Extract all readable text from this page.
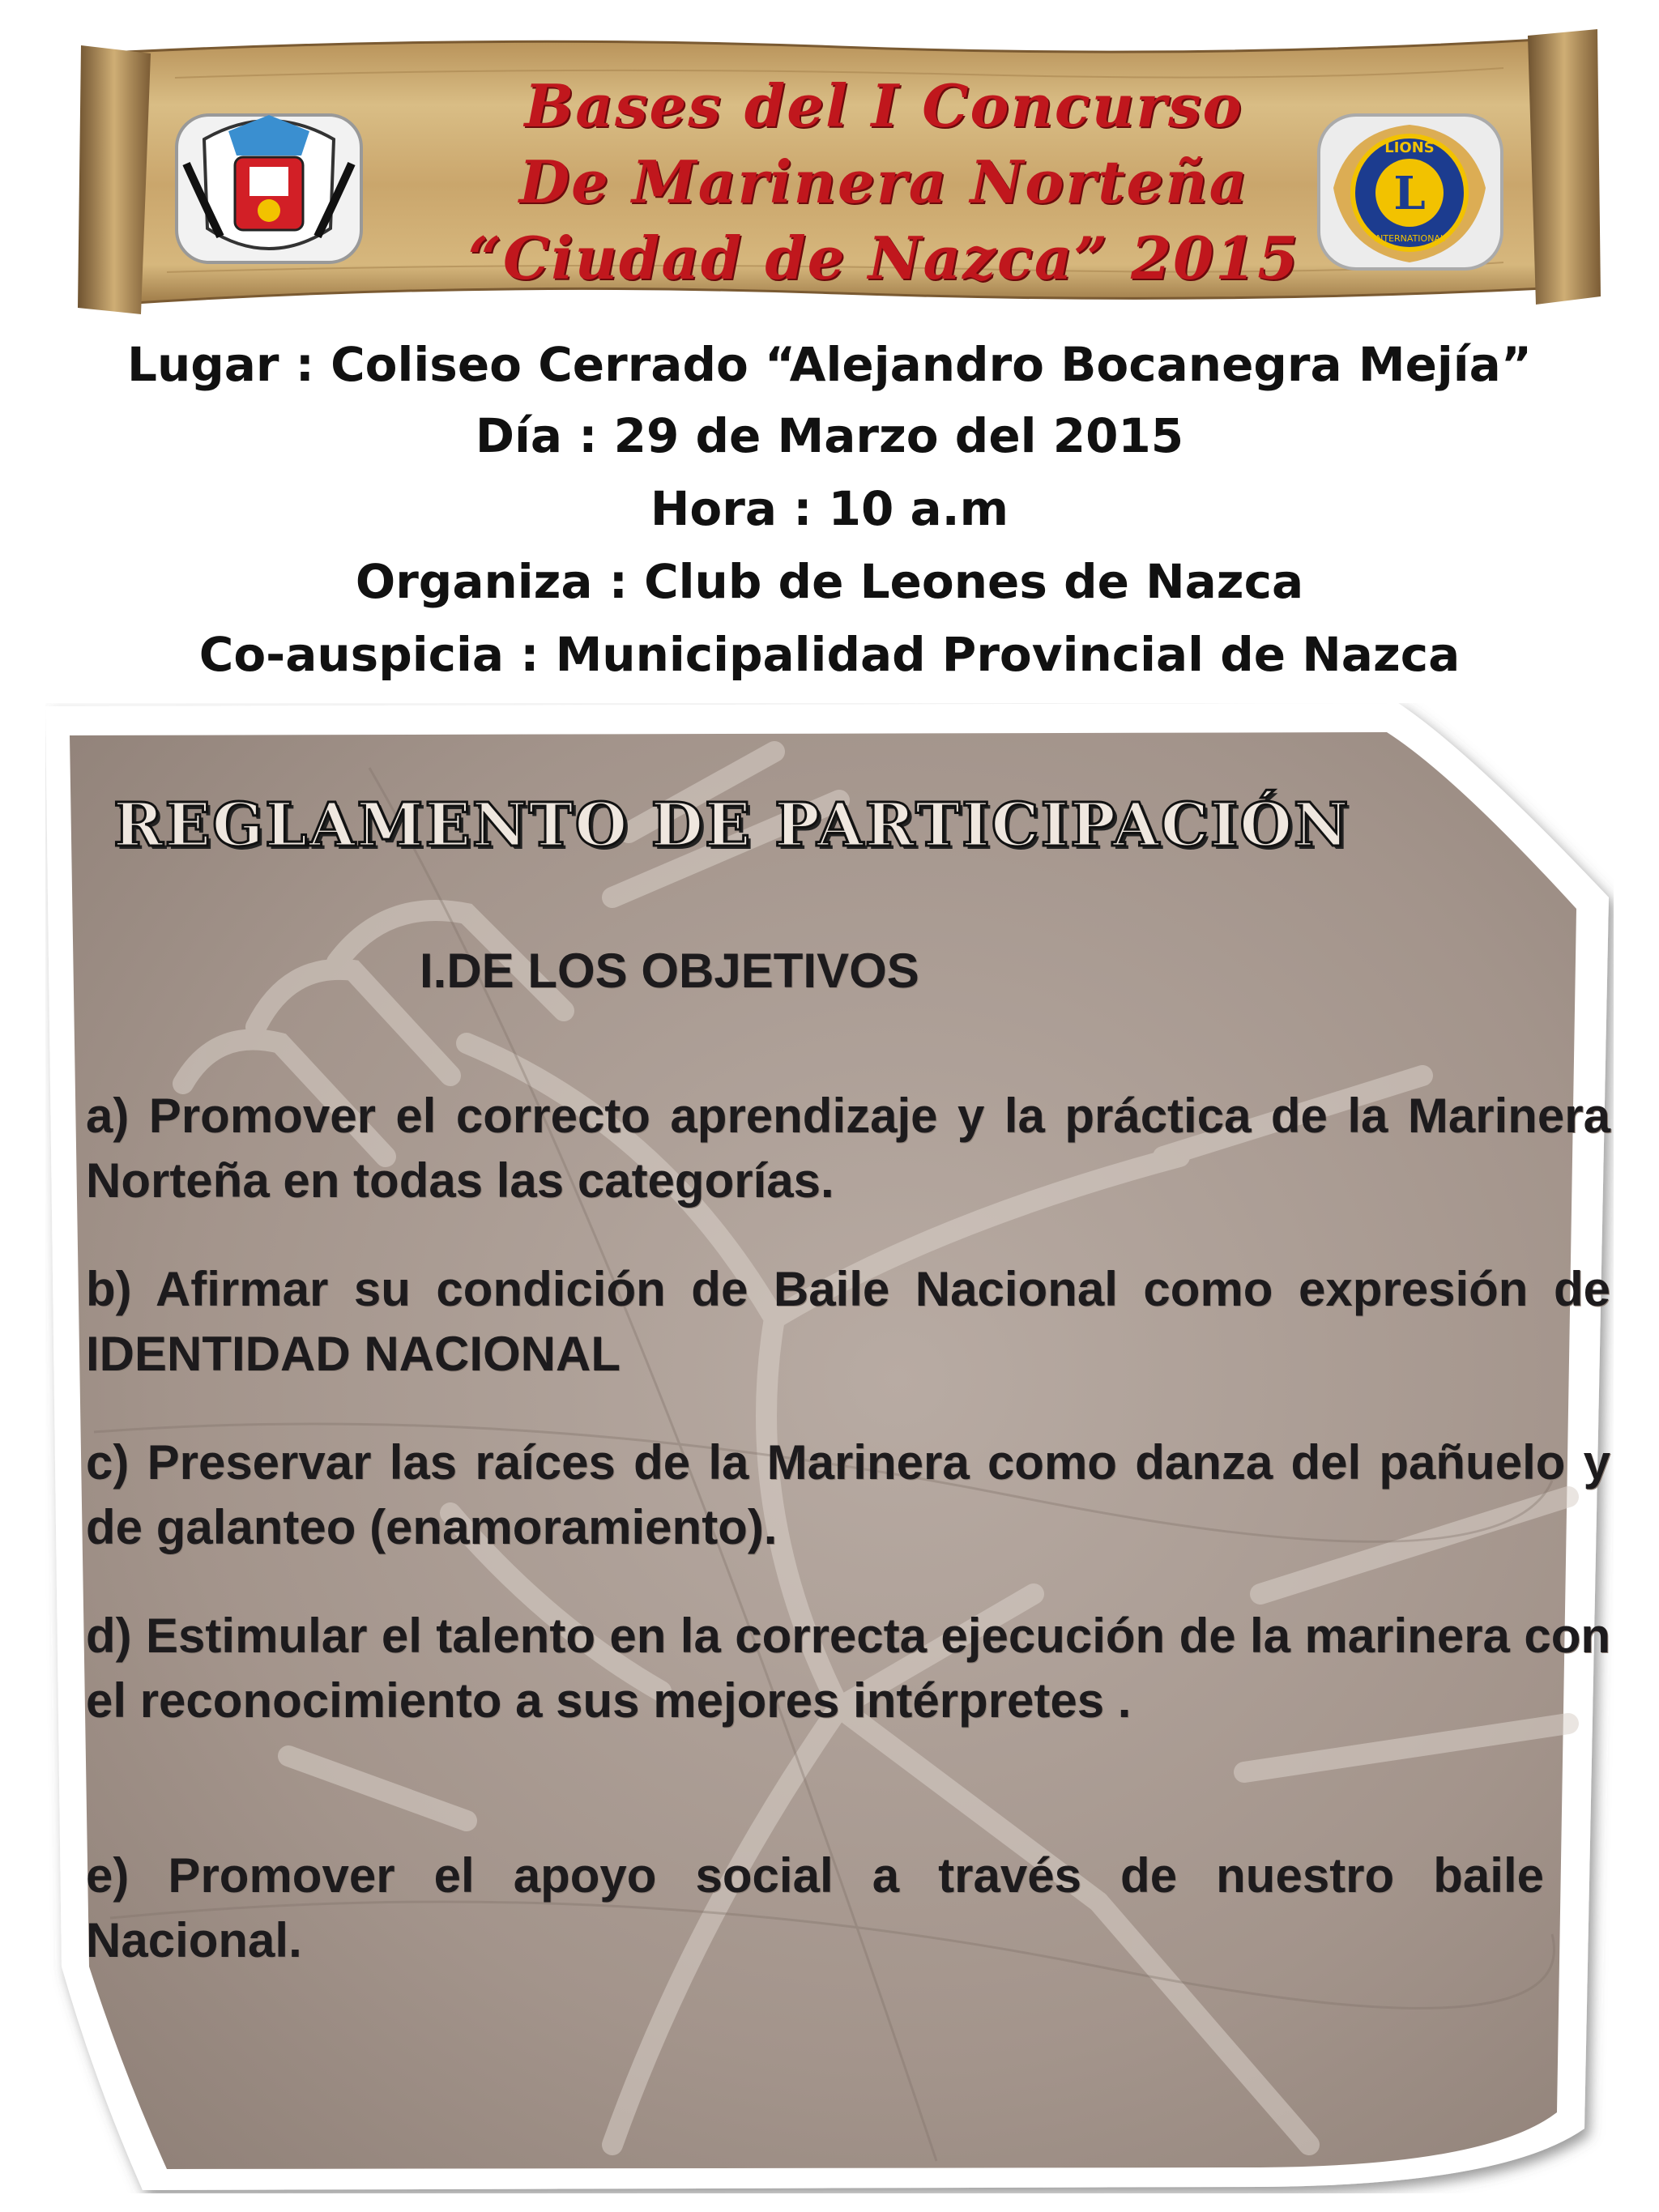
Bases del I Concurso
De Marinera Norteña
“Ciudad de Nazca” 2015
LIONS
L
INTERNATIONAL
Lugar : Coliseo Cerrado “Alejandro Bocanegra Mejía”
Día : 29 de Marzo del 2015
Hora : 10 a.m
Organiza : Club de Leones de Nazca
Co-auspicia : Municipalidad Provincial de Nazca
REGLAMENTO DE PARTICIPACIÓN
I.DE LOS OBJETIVOS
a) Promover el correcto aprendizaje y la práctica de la Marinera Norteña en todas las categorías.
b) Afirmar su condición de Baile Nacional como expresión de IDENTIDAD NACIONAL
c) Preservar las raíces de la Marinera como danza del pañuelo y de galanteo (enamoramiento).
d) Estimular el talento en la correcta ejecución de la marinera con el reconocimiento a sus mejores intérpretes .
e) Promover el apoyo social a través de nuestro baile Nacional.
